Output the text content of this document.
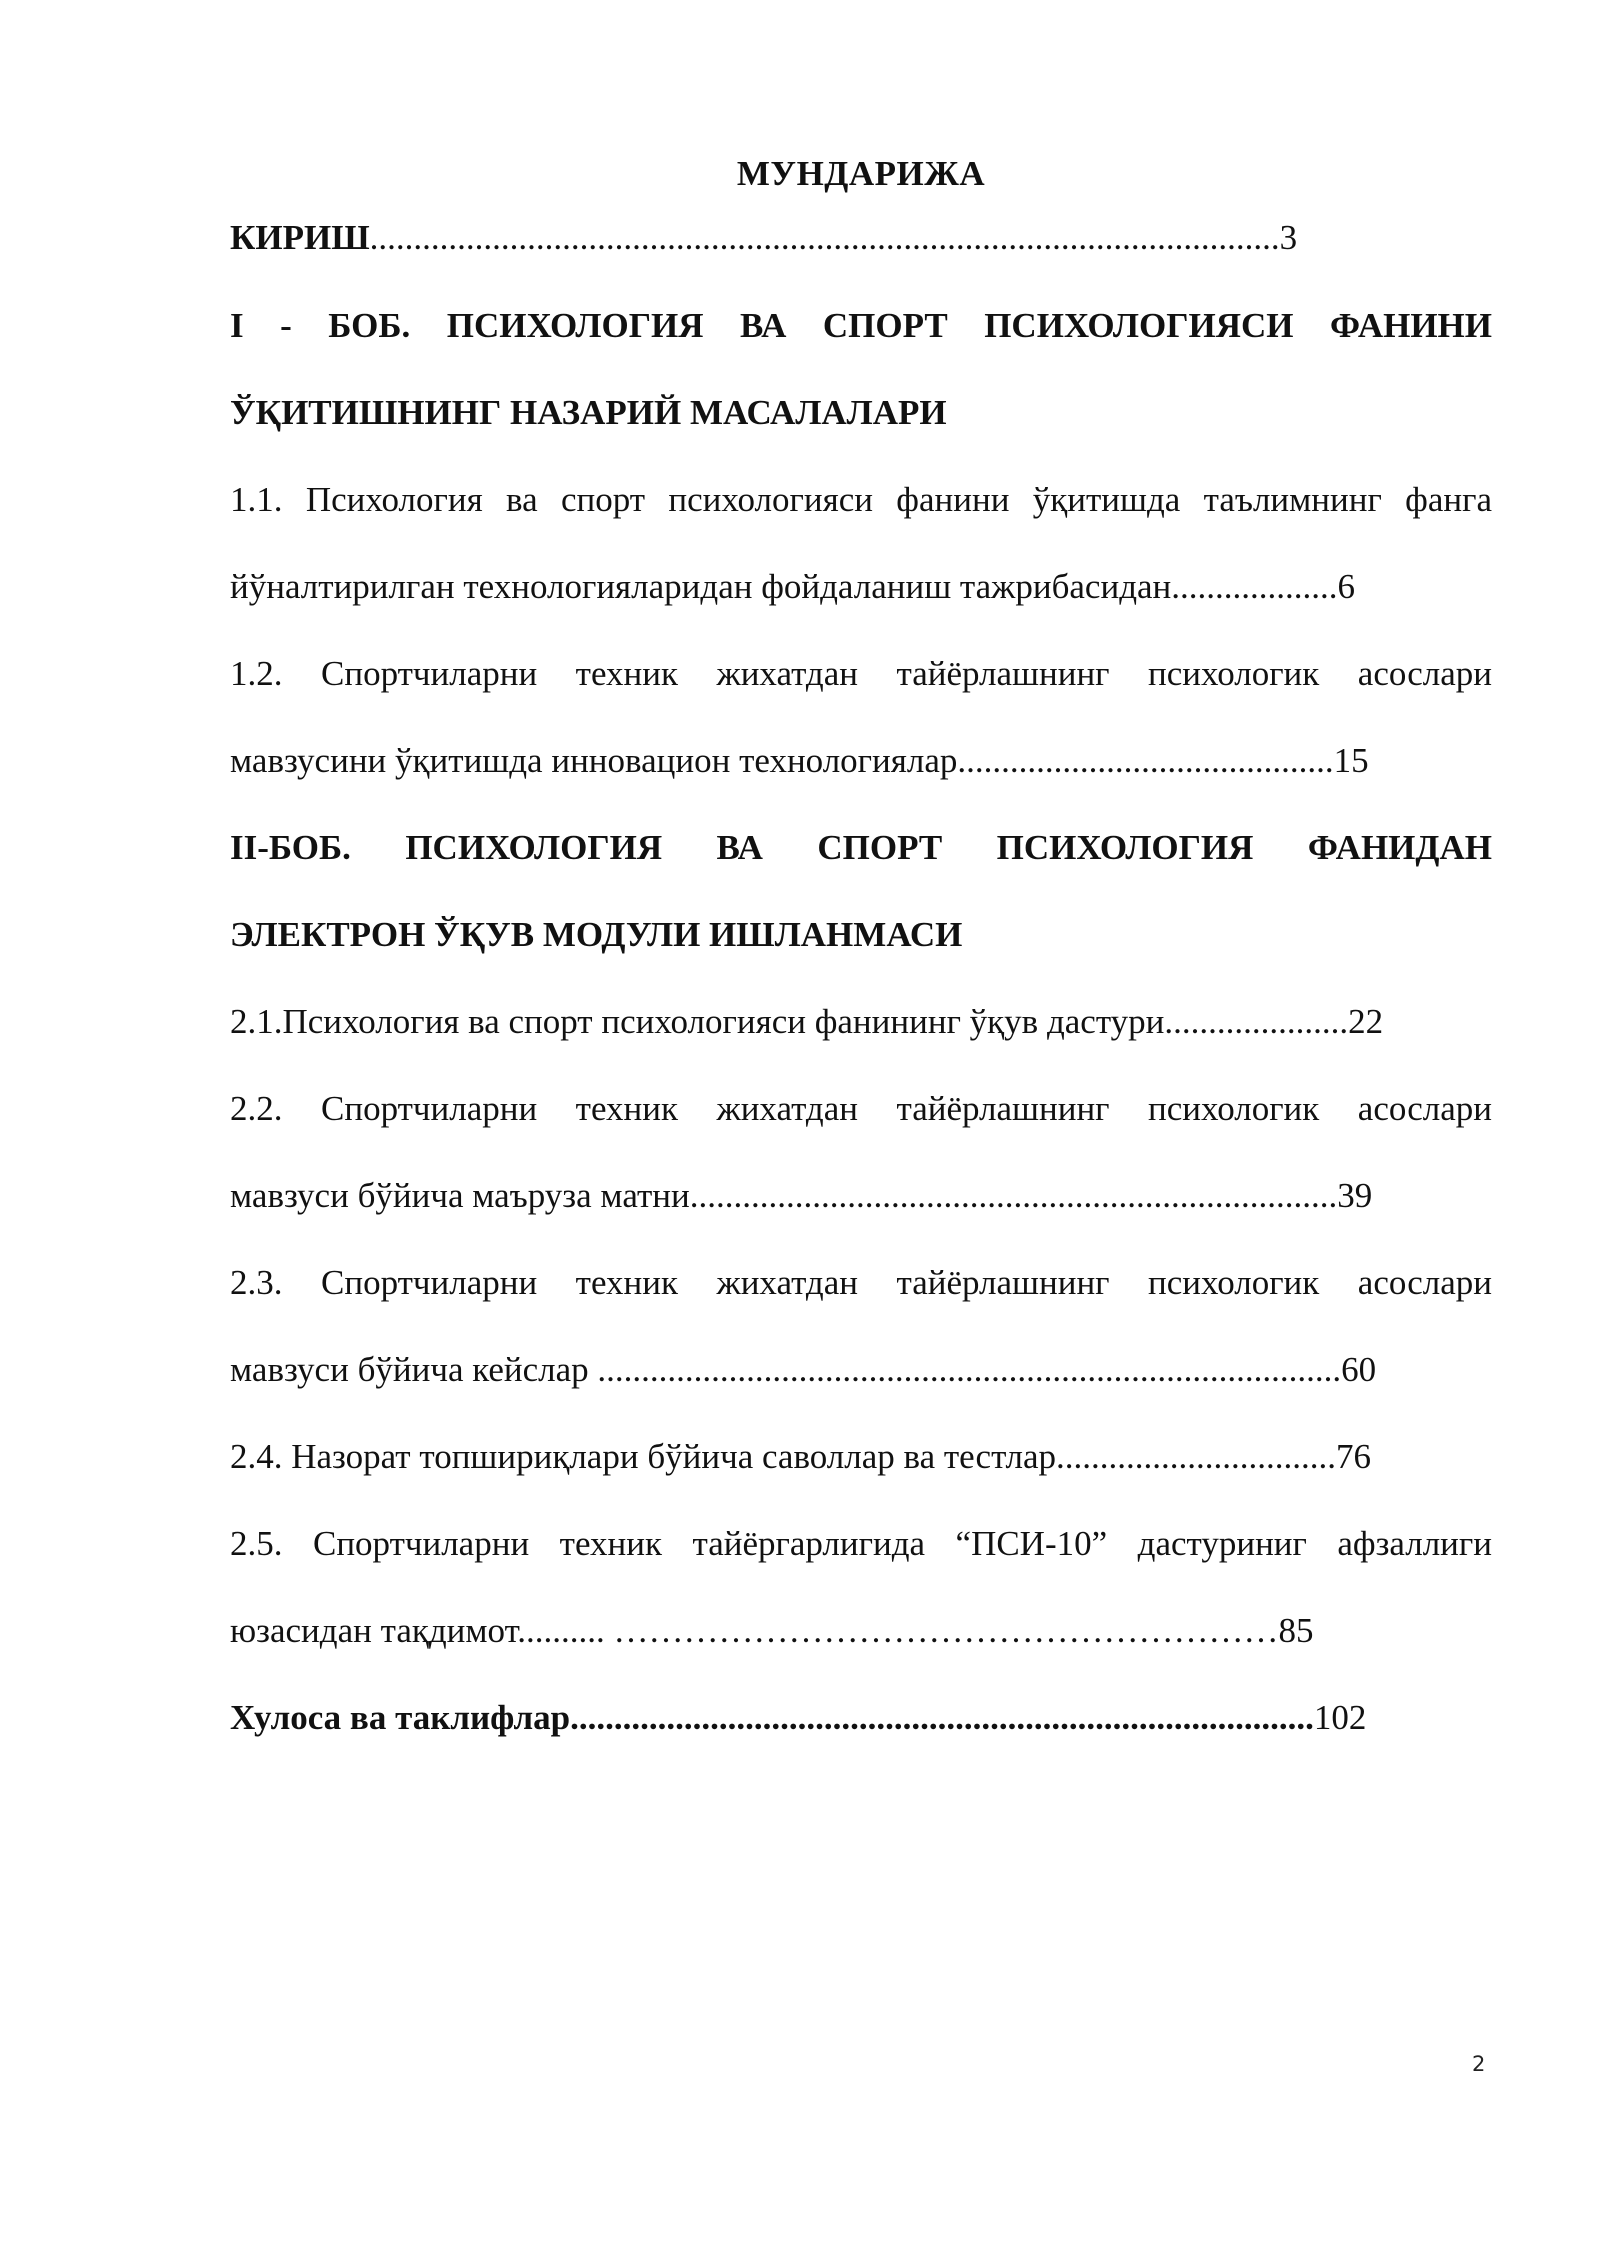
МУНДАРИЖА
КИРИШ........................................................................................................3
I - БОБ. ПСИХОЛОГИЯ ВА СПОРТ ПСИХОЛОГИЯСИ ФАНИНИ
ЎҚИТИШНИНГ НАЗАРИЙ МАСАЛАЛАРИ
1.1. Психология ва спорт психологияси фанини ўқитишда таълимнинг фанга
йўналтирилган технологияларидан фойдаланиш тажрибасидан...................6
1.2. Спортчиларни техник жихатдан тайёрлашнинг психологик асослари
мавзусини ўқитишда инновацион технологиялар...........................................15
II-БОБ. ПСИХОЛОГИЯ ВА СПОРТ ПСИХОЛОГИЯ ФАНИДАН
ЭЛЕКТРОН ЎҚУВ МОДУЛИ ИШЛАНМАСИ
2.1.Психология ва спорт психологияси фанининг ўқув дастури.....................22
2.2. Спортчиларни техник жихатдан тайёрлашнинг психологик асослари
мавзуси бўйича маъруза матни..........................................................................39
2.3. Спортчиларни техник жихатдан тайёрлашнинг психологик асослари
мавзуси бўйича кейслар .....................................................................................60
2.4. Назорат топшириқлари бўйича саволлар ва тестлар................................76
2.5. Спортчиларни техник тайёргарлигида “ПСИ-10” дастуриниг афзаллиги
юзасидан тақдимот.......... …………………………………………………85
Хулоса ва таклифлар.....................................................................................102
2
